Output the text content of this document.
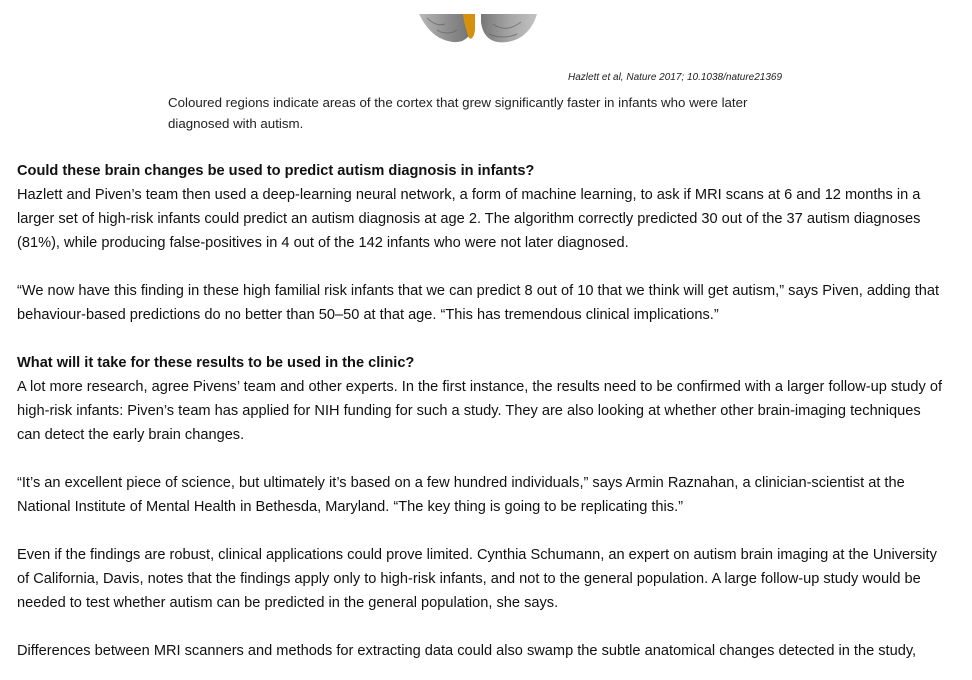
Hazlett et al, Nature 2017; 10.1038/nature21369
Coloured regions indicate areas of the cortex that grew significantly faster in infants who were later diagnosed with autism.
Could these brain changes be used to predict autism diagnosis in infants?

Hazlett and Piven’s team then used a deep-learning neural network, a form of machine learning, to ask if MRI scans at 6 and 12 months in a larger set of high-risk infants could predict an autism diagnosis at age 2. The algorithm correctly predicted 30 out of the 37 autism diagnoses (81%), while producing false-positives in 4 out of the 142 infants who were not later diagnosed.

“We now have this finding in these high familial risk infants that we can predict 8 out of 10 that we think will get autism,” says Piven, adding that behaviour-based predictions do no better than 50–50 at that age. “This has tremendous clinical implications.”

What will it take for these results to be used in the clinic?

A lot more research, agree Pivens’ team and other experts. In the first instance, the results need to be confirmed with a larger follow-up study of high-risk infants: Piven’s team has applied for NIH funding for such a study. They are also looking at whether other brain-imaging techniques can detect the early brain changes.

“It’s an excellent piece of science, but ultimately it’s based on a few hundred individuals,” says Armin Raznahan, a clinician-scientist at the National Institute of Mental Health in Bethesda, Maryland. “The key thing is going to be replicating this.”

Even if the findings are robust, clinical applications could prove limited. Cynthia Schumann, an expert on autism brain imaging at the University of California, Davis, notes that the findings apply only to high-risk infants, and not to the general population. A large follow-up study would be needed to test whether autism can be predicted in the general population, she says.

Differences between MRI scanners and methods for extracting data could also swamp the subtle anatomical changes detected in the study,
